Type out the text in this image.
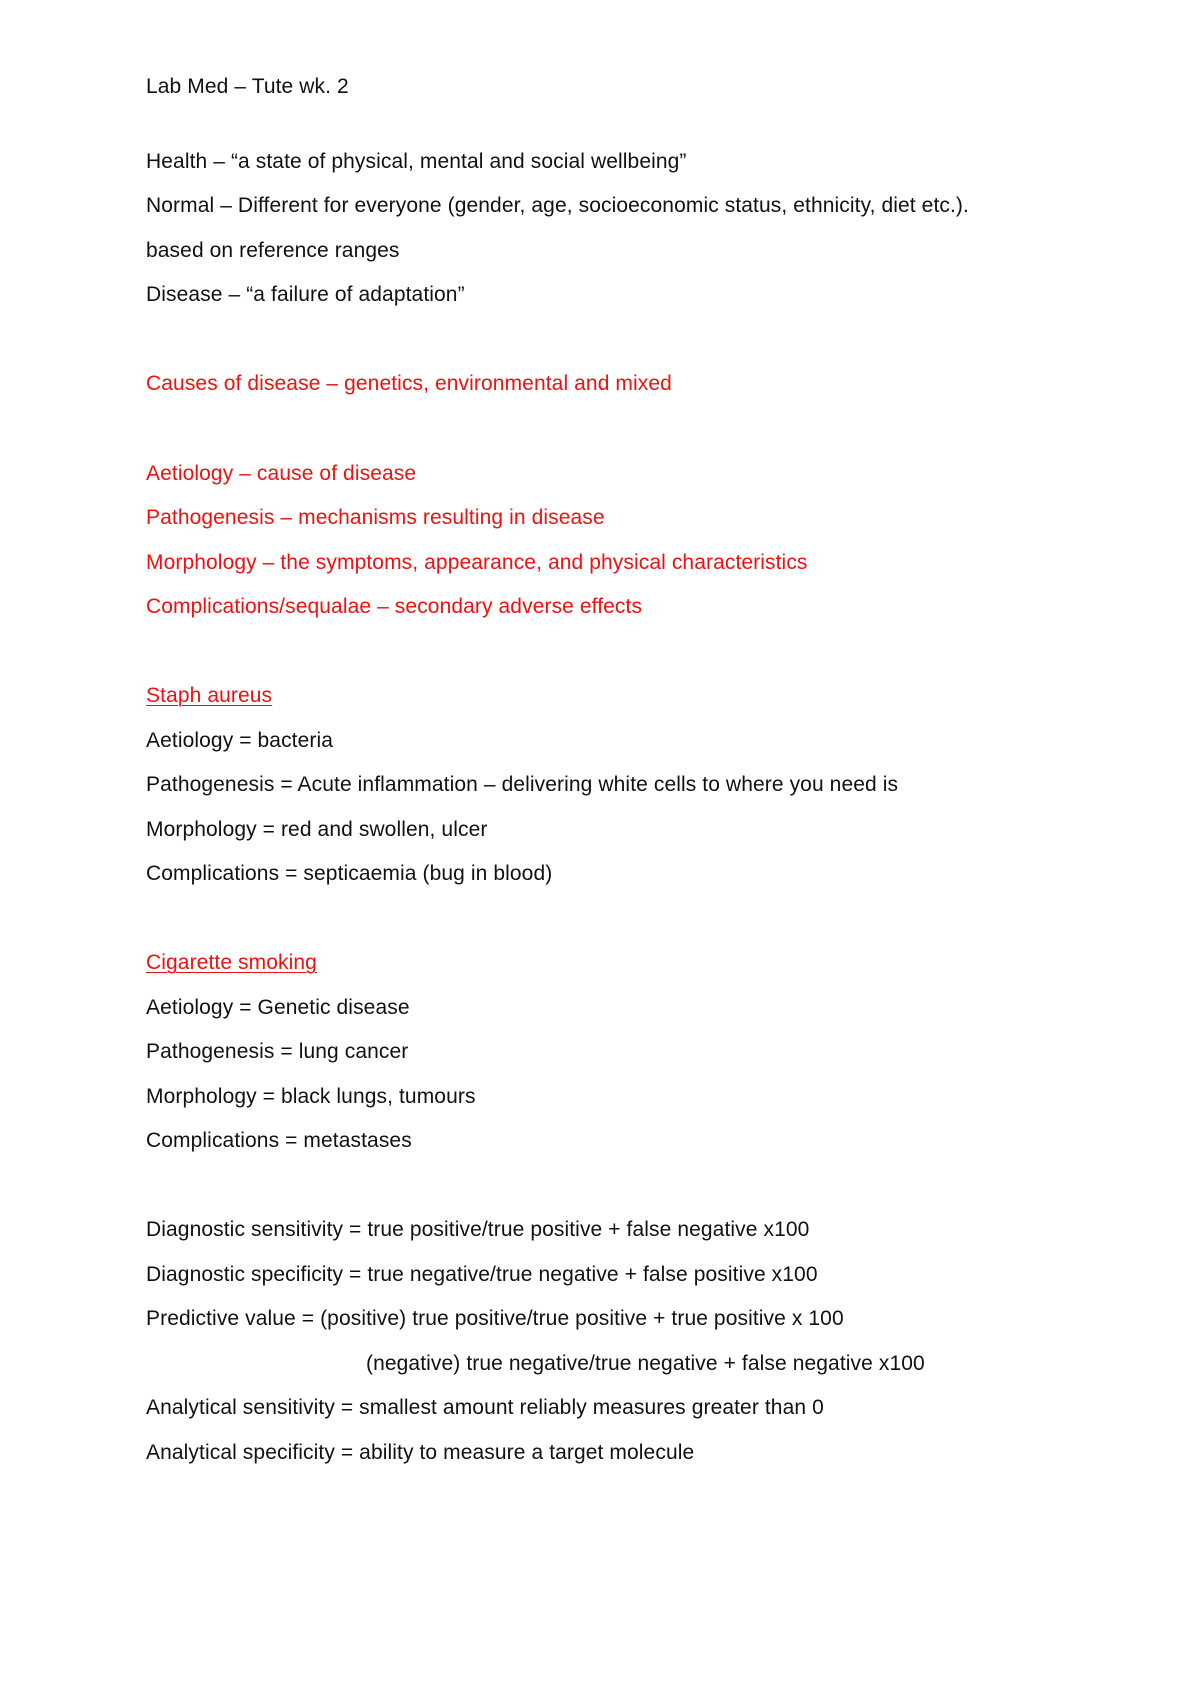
Lab Med – Tute wk. 2
Health – “a state of physical, mental and social wellbeing”
Normal – Different for everyone (gender, age, socioeconomic status, ethnicity, diet etc.).
based on reference ranges
Disease – “a failure of adaptation”
Causes of disease – genetics, environmental and mixed
Aetiology – cause of disease
Pathogenesis – mechanisms resulting in disease
Morphology – the symptoms, appearance, and physical characteristics
Complications/sequalae – secondary adverse effects
Staph aureus
Aetiology = bacteria
Pathogenesis = Acute inflammation – delivering white cells to where you need is
Morphology = red and swollen, ulcer
Complications = septicaemia (bug in blood)
Cigarette smoking
Aetiology = Genetic disease
Pathogenesis = lung cancer
Morphology = black lungs, tumours
Complications = metastases
Diagnostic sensitivity = true positive/true positive + false negative x100
Diagnostic specificity = true negative/true negative + false positive x100
Predictive value = (positive) true positive/true positive + true positive x 100
(negative) true negative/true negative + false negative x100
Analytical sensitivity = smallest amount reliably measures greater than 0
Analytical specificity = ability to measure a target molecule
